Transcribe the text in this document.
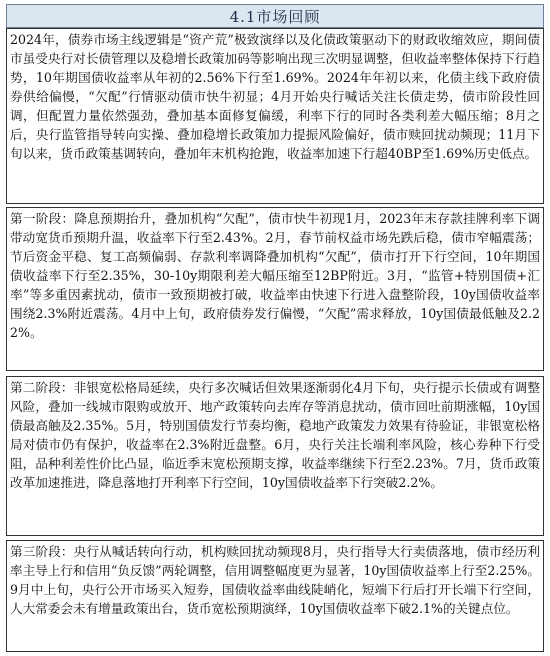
4.1市场回顾
2024年，债券市场主线逻辑是“资产荒”极致演绎以及化债政策驱动下的财政收缩效应，期间债市虽受央行对长债管理以及稳增长政策加码等影响出现三次明显调整，但收益率整体保持下行趋势，10年期国债收益率从年初的2.56%下行至1.69%。2024年年初以来，化债主线下政府债券供给偏慢，“欠配”行情驱动债市快牛初显；4月开始央行喊话关注长债走势，债市阶段性回调，但配置力量依然强劲，叠加基本面修复偏缓，利率下行的同时各类利差大幅压缩；8月之后，央行监管指导转向实操、叠加稳增长政策加力提振风险偏好，债市赎回扰动频现；11月下旬以来，货币政策基调转向，叠加年末机构抢跑，收益率加速下行超40BP至1.69%历史低点。
第一阶段：降息预期抬升，叠加机构“欠配”，债市快牛初现1月，2023年末存款挂牌利率下调带动宽货币预期升温，收益率下行至2.43%。2月，春节前权益市场先跌后稳，债市窄幅震荡；节后资金平稳、复工高频偏弱、存款利率调降叠加机构“欠配”，债市打开下行空间，10年期国债收益率下行至2.35%，30-10y期限利差大幅压缩至12BP附近。3月，“监管+特别国债+汇率”等多重因素扰动，债市一致预期被打破，收益率由快速下行进入盘整阶段，10y国债收益率围绕2.3%附近震荡。4月中上旬，政府债券发行偏慢，“欠配”需求释放，10y国债最低触及2.22%。
第二阶段：非银宽松格局延续，央行多次喊话但效果逐渐弱化4月下旬，央行提示长债或有调整风险，叠加一线城市限购或放开、地产政策转向去库存等消息扰动，债市回吐前期涨幅，10y国债最高触及2.35%。5月，特别国债发行节奏均衡，稳地产政策发力效果有待验证，非银宽松格局对债市仍有保护，收益率在2.3%附近盘整。6月，央行关注长端利率风险，核心券种下行受阻，品种利差性价比凸显，临近季末宽松预期支撑，收益率继续下行至2.23%。7月，货币政策改革加速推进，降息落地打开利率下行空间，10y国债收益率下行突破2.2%。
第三阶段：央行从喊话转向行动，机构赎回扰动频现8月，央行指导大行卖债落地，债市经历利率主导上行和信用“负反馈”两轮调整，信用调整幅度更为显著，10y国债收益率上行至2.25%。9月中上旬，央行公开市场买入短券，国债收益率曲线陡峭化，短端下行后打开长端下行空间，人大常委会未有增量政策出台，货币宽松预期演绎，10y国债收益率下破2.1%的关键点位。
